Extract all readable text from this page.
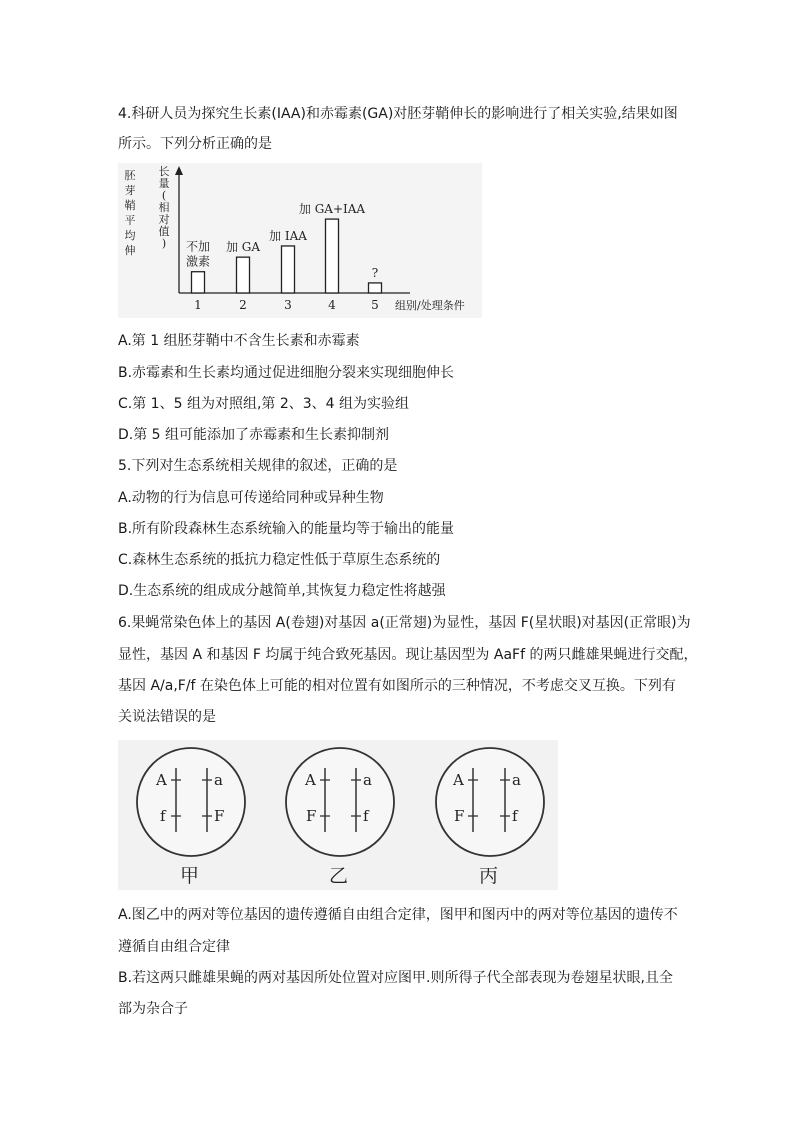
4.科研人员为探究生长素(IAA)和赤霉素(GA)对胚芽鞘伸长的影响进行了相关实验,结果如图
所示。下列分析正确的是
胚
芽
鞘
平
均
伸
长
量
(
相
对
值
) 不加
激素
加 GA
加 IAA
加 GA+IAA
?
1	2	3	4	5 组别/处理条件
A.第 1 组胚芽鞘中不含生长素和赤霉素
B.赤霉素和生长素均通过促进细胞分裂来实现细胞伸长
C.第 1、5 组为对照组,第 2、3、4 组为实验组
D.第 5 组可能添加了赤霉素和生长素抑制剂
5.下列对生态系统相关规律的叙述，正确的是
A.动物的行为信息可传递给同种或异种生物
B.所有阶段森林生态系统输入的能量均等于输出的能量
C.森林生态系统的抵抗力稳定性低于草原生态系统的
D.生态系统的组成成分越简单,其恢复力稳定性将越强
6.果蝇常染色体上的基因 A(卷翅)对基因 a(正常翅)为显性，基因 F(星状眼)对基因(正常眼)为
显性，基因 A 和基因 F 均属于纯合致死基因。现让基因型为 AaFf 的两只雌雄果蝇进行交配，
基因 A/a,F/f 在染色体上可能的相对位置有如图所示的三种情况，不考虑交叉互换。下列有
关说法错误的是
A
f
a
F
甲
A
F
a
f
乙
A
F
a
f
丙
A.图乙中的两对等位基因的遗传遵循自由组合定律，图甲和图丙中的两对等位基因的遗传不
遵循自由组合定律
B.若这两只雌雄果蝇的两对基因所处位置对应图甲.则所得子代全部表现为卷翅星状眼,且全
部为杂合子
